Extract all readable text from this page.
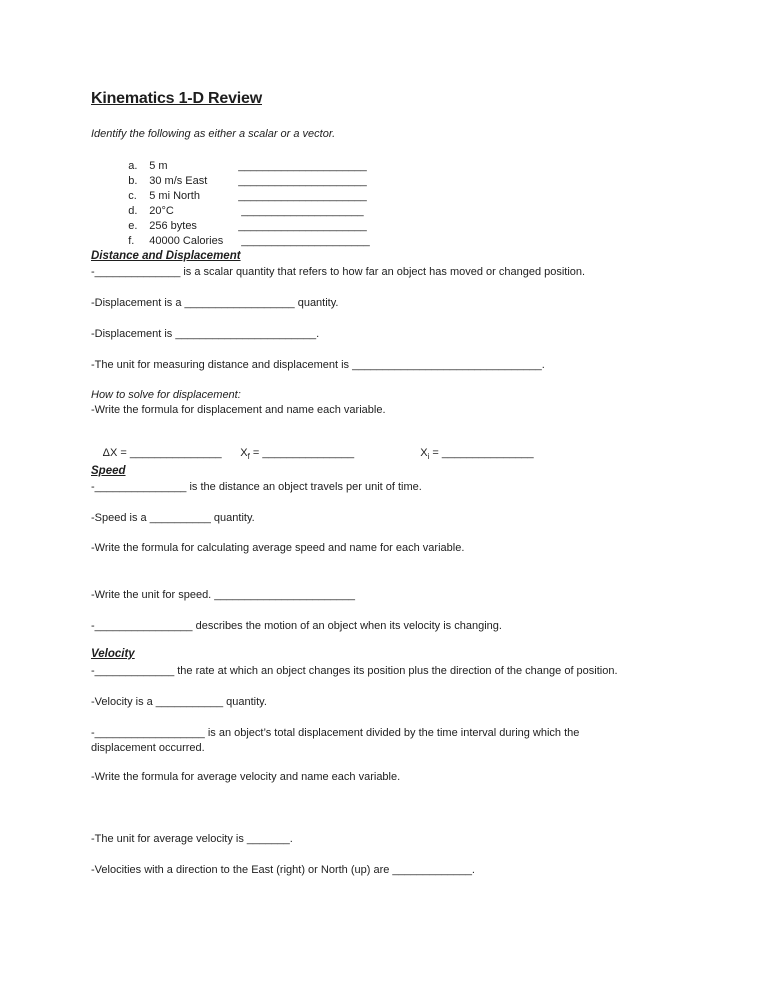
Kinematics 1-D Review
Identify the following as either a scalar or a vector.

a. 5 m	_____________________

b. 30 m/s East	_____________________

c. 5 mi North	_____________________

d. 20°C	____________________

e. 256 bytes	_____________________

f. 40000 Calories _____________________

Distance and Displacement
-______________ is a scalar quantity that refers to how far an object has moved or changed position.
-Displacement is a __________________ quantity.
-Displacement is _______________________.
-The unit for measuring distance and displacement is _______________________________.
How to solve for displacement:
-Write the formula for displacement and name each variable.

ΔX = _______________
	$X_f$ = _______________
	$X_i$ = _______________

Speed
-_______________ is the distance an object travels per unit of time.
-Speed is a __________ quantity.
-Write the formula for calculating average speed and name for each variable.
-Write the unit for speed. _______________________
-________________ describes the motion of an object when its velocity is changing.
Velocity
-_____________ the rate at which an object changes its position plus the direction of the change of position.
-Velocity is a ___________ quantity.
-__________________ is an object’s total displacement divided by the time interval during which the
displacement occurred.
-Write the formula for average velocity and name each variable.
-The unit for average velocity is _______.
-Velocities with a direction to the East (right) or North (up) are _____________.
